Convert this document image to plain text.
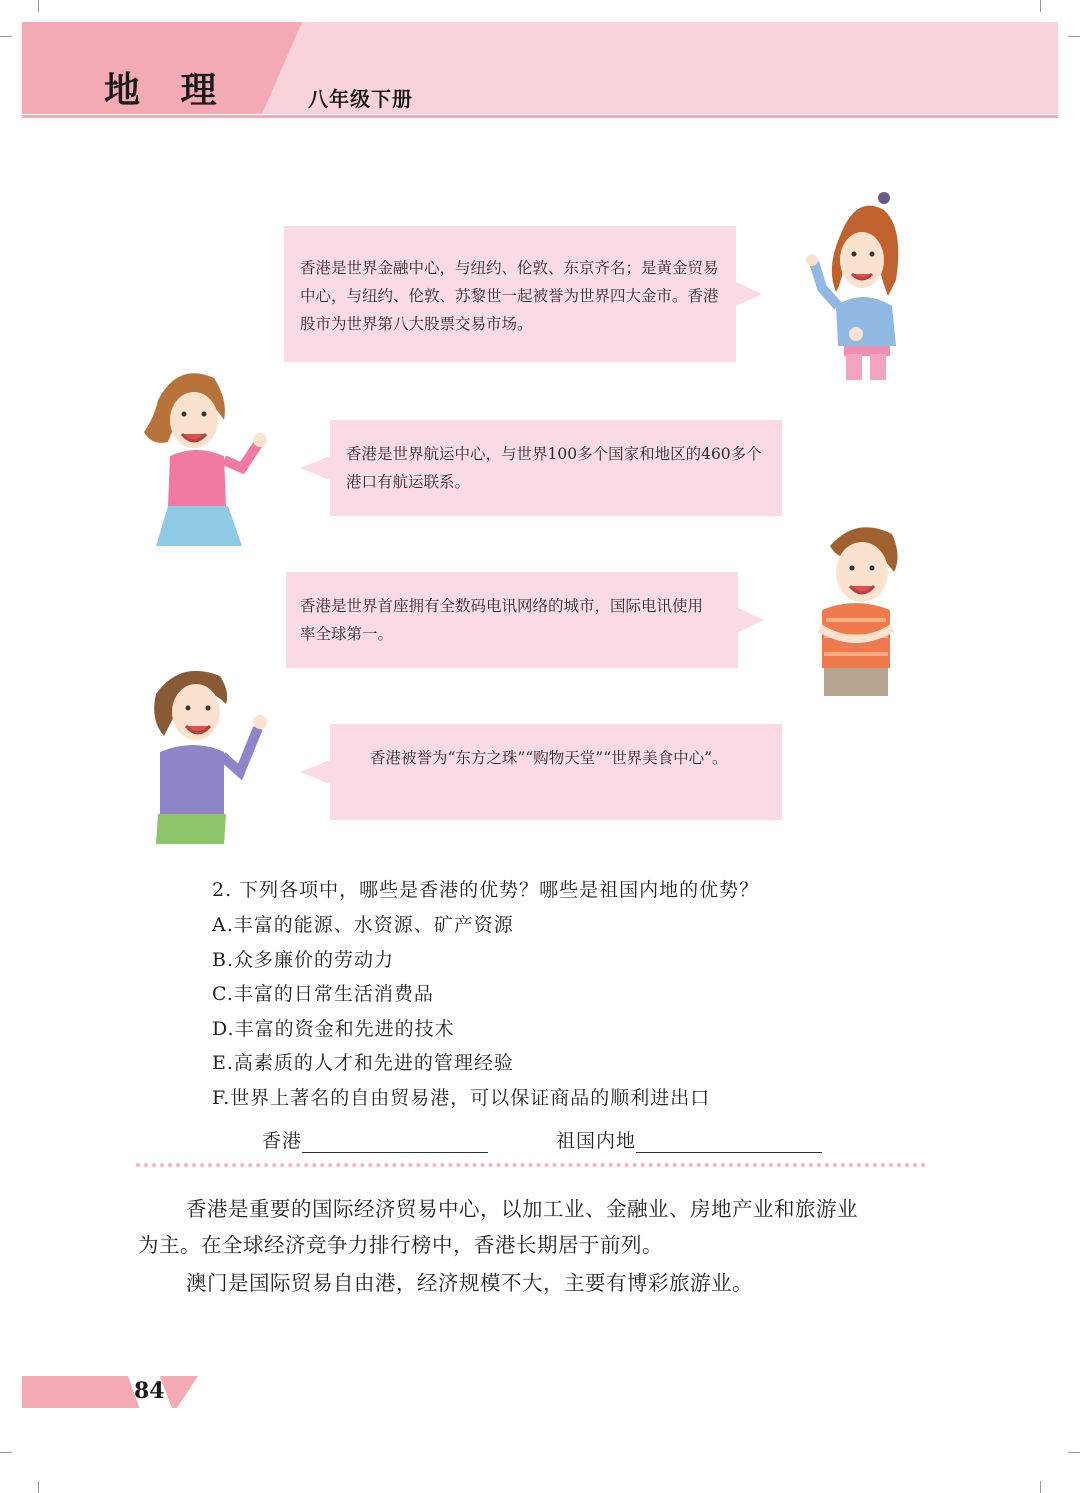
地 理	八年级下册
香港是世界金融中心，与纽约、伦敦、东京齐名；是黄金贸易中心，与纽约、伦敦、苏黎世一起被誉为世界四大金市。香港股市为世界第八大股票交易市场。
香港是世界航运中心，与世界100多个国家和地区的460多个港口有航运联系。
香港是世界首座拥有全数码电讯网络的城市，国际电讯使用率全球第一。
香港被誉为“东方之珠”“购物天堂”“世界美食中心”。
2. 下列各项中，哪些是香港的优势？哪些是祖国内地的优势？
A.丰富的能源、水资源、矿产资源
B.众多廉价的劳动力
C.丰富的日常生活消费品
D.丰富的资金和先进的技术
E.高素质的人才和先进的管理经验
F.世界上著名的自由贸易港，可以保证商品的顺利进出口
香港	祖国内地
香港是重要的国际经济贸易中心，以加工业、金融业、房地产业和旅游业
为主。在全球经济竞争力排行榜中，香港长期居于前列。
澳门是国际贸易自由港，经济规模不大，主要有博彩旅游业。
84
